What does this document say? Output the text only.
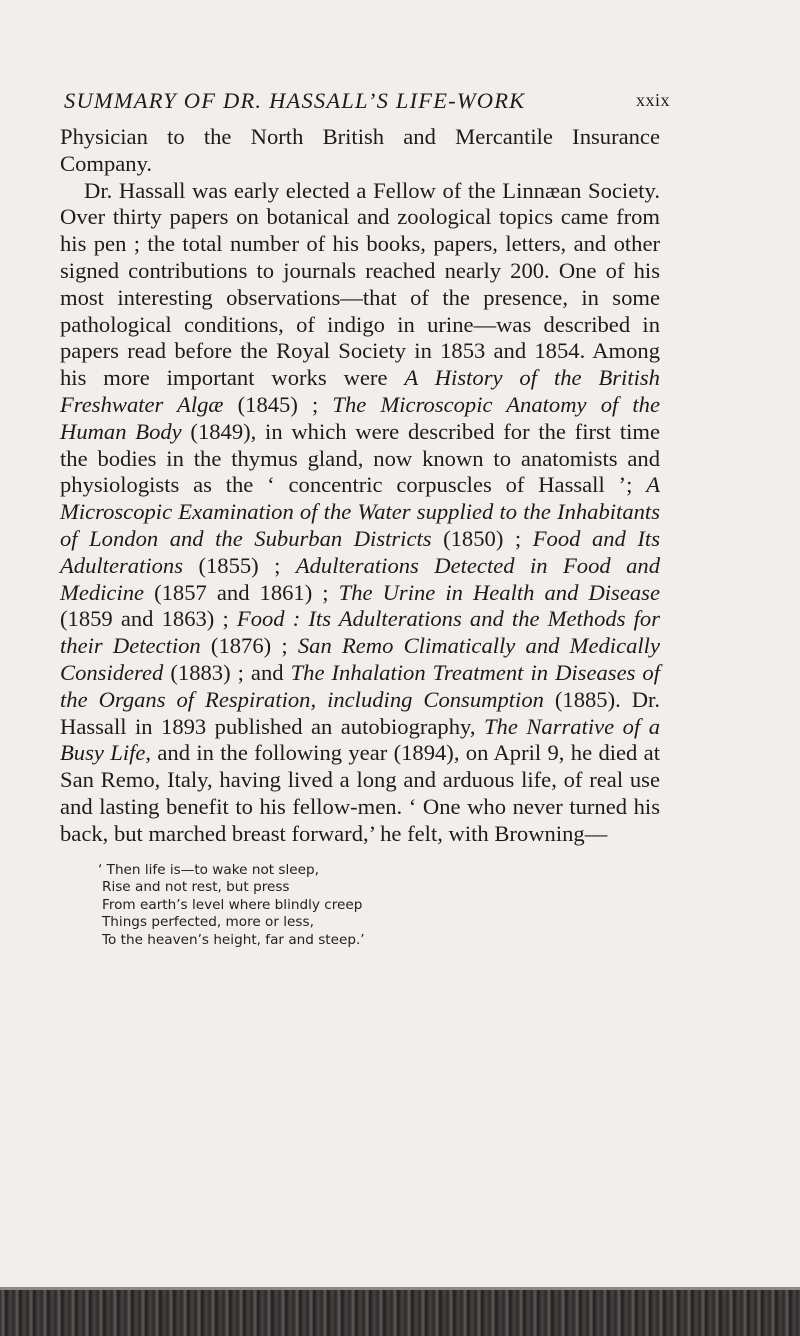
SUMMARY OF DR. HASSALL’S LIFE-WORK	xxix

Physician to the North British and Mercantile Insurance Company.

Dr. Hassall was early elected a Fellow of the Linnæan Society. Over thirty papers on botanical and zoological topics came from his pen ; the total number of his books, papers, letters, and other signed contributions to journals reached nearly 200. One of his most interesting observations—that of the presence, in some pathological conditions, of indigo in urine—was described in papers read before the Royal Society in 1853 and 1854. Among his more important works were A History of the British Freshwater Algæ (1845) ; The Microscopic Anatomy of the Human Body (1849), in which were described for the first time the bodies in the thymus gland, now known to anatomists and physiologists as the ‘ concentric corpuscles of Hassall ’; A Microscopic Examination of the Water supplied to the Inhabitants of London and the Suburban Districts (1850) ; Food and Its Adulterations (1855) ; Adulterations Detected in Food and Medicine (1857 and 1861) ; The Urine in Health and Disease (1859 and 1863) ; Food : Its Adulterations and the Methods for their Detection (1876) ; San Remo Climatically and Medically Considered (1883) ; and The Inhalation Treatment in Diseases of the Organs of Respiration, including Consumption (1885). Dr. Hassall in 1893 published an autobiography, The Narrative of a Busy Life, and in the following year (1894), on April 9, he died at San Remo, Italy, having lived a long and arduous life, of real use and lasting benefit to his fellow-men. ‘ One who never turned his back, but marched breast forward,’ he felt, with Browning—

‘ Then life is—to wake not sleep,
Rise and not rest, but press
From earth’s level where blindly creep
Things perfected, more or less,
To the heaven’s height, far and steep.’
